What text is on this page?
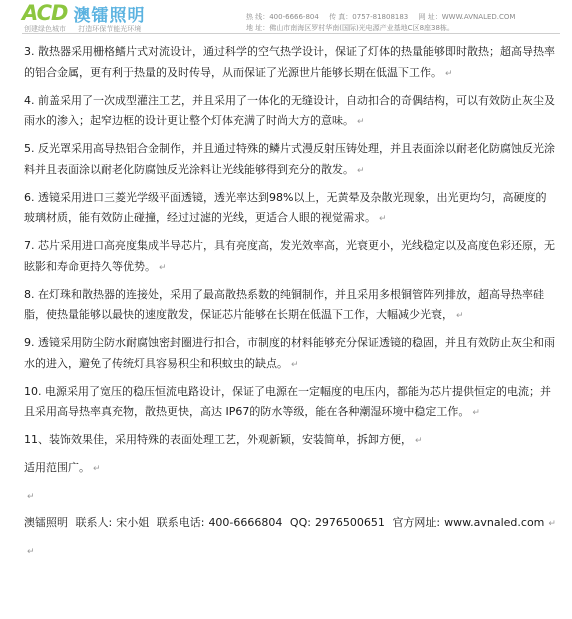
ACD 澳镭照明
创建绿色城市 打造环保节能光环境
热 线：400-6666-804 传 真：0757-81808183 网 址：WWW.AVNALED.COM
地 址：佛山市南海区罗村华南(国际)光电源产业基地C区8座38栋。

3. 散热器采用栅格鳍片式对流设计，通过科学的空气热学设计，保证了灯体的热量能够即时散热；超高导热率的铝合金属，更有利于热量的及时传导，从而保证了光源世片能够长期在低温下工作。 ↵

4. 前盖采用了一次成型灌注工艺，并且采用了一体化的无缝设计，自动扣合的奇偶结构，可以有效防止灰尘及雨水的渗入；起窄边框的设计更让整个灯体充满了时尚大方的意味。 ↵

5. 反光罩采用高导热铝合金制作，并且通过特殊的鳞片式漫反射压铸处理，并且表面涂以耐老化防腐蚀反光涂料并且表面涂以耐老化防腐蚀反光涂料让光线能够得到充分的散发。 ↵

6. 透镜采用进口三菱光学级平面透镜，透光率达到98%以上，无黄晕及杂散光现象，出光更均匀，高硬度的玻璃材质，能有效防止碰撞，经过过滤的光线，更适合人眼的视觉需求。 ↵

7. 芯片采用进口高亮度集成半导芯片，具有亮度高，发光效率高，光衰更小，光线稳定以及高度色彩还原，无眩影和寿命更持久等优势。 ↵

8. 在灯珠和散热器的连接处，采用了最高散热系数的纯铜制作，并且采用多根铜管阵列排放，超高导热率硅脂，使热量能够以最快的速度散发，保证芯片能够在长期在低温下工作，大幅减少光衰， ↵

9. 透镜采用防尘防水耐腐蚀密封圈进行扣合，市制度的材料能够充分保证透镜的稳固，并且有效防止灰尘和雨水的进入，避免了传统灯具容易积尘和积蚊虫的缺点。 ↵

10. 电源采用了宽压的稳压恒流电路设计，保证了电源在一定幅度的电压内，都能为芯片提供恒定的电流；并且采用高导热率真充物，散热更快，高达 IP67的防水等级，能在各种潮湿环境中稳定工作。 ↵

11、装饰效果佳，采用特殊的表面处理工艺，外观新颖，安装简单，拆卸方便， ↵

适用范围广。 ↵

↵

澳镭照明 联系人: 宋小姐 联系电话: 400-6666804 QQ: 2976500651 官方网址: www.avnaled.com ↵

↵
